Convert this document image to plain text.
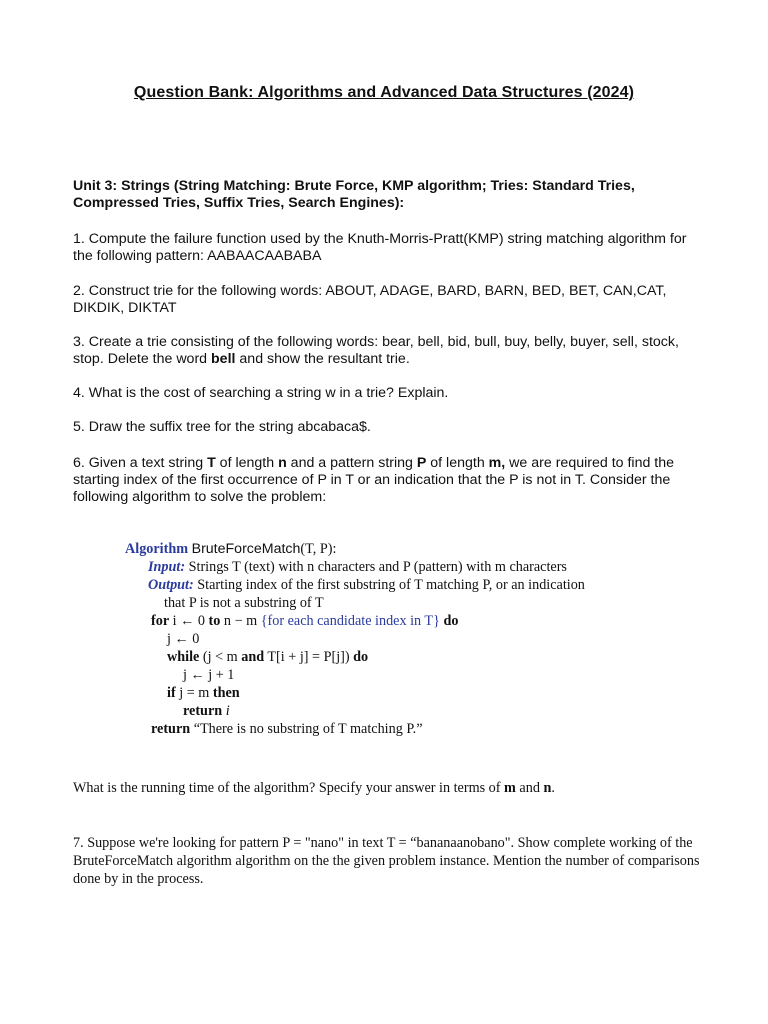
Question Bank: Algorithms and Advanced Data Structures (2024)
Unit 3: Strings (String Matching: Brute Force, KMP algorithm; Tries: Standard Tries, Compressed Tries, Suffix Tries, Search Engines):
1. Compute the failure function used by the Knuth-Morris-Pratt(KMP) string matching algorithm for the following pattern: AABAACAABABA
2. Construct trie for the following words: ABOUT, ADAGE, BARD, BARN, BED, BET, CAN,CAT, DIKDIK, DIKTAT
3. Create a trie consisting of the following words: bear, bell, bid, bull, buy, belly, buyer, sell, stock, stop. Delete the word bell and show the resultant trie.
4. What is the cost of searching a string w in a trie? Explain.
5. Draw the suffix tree for the string abcabaca$.
6. Given a text string T of length n and a pattern string P of length m, we are required to find the starting index of the first occurrence of P in T or an indication that the P is not in T. Consider the following algorithm to solve the problem:
Algorithm BruteForceMatch(T, P):
Input: Strings T (text) with n characters and P (pattern) with m characters
Output: Starting index of the first substring of T matching P, or an indication
that P is not a substring of T
for i ← 0 to n − m {for each candidate index in T} do
j ← 0
while (j < m and T[i + j] = P[j]) do
j ← j + 1
if j = m then
return i
return “There is no substring of T matching P.”
What is the running time of the algorithm? Specify your answer in terms of m and n.
7. Suppose we're looking for pattern P = "nano" in text T = “bananaanobano". Show complete working of the BruteForceMatch algorithm algorithm on the the given problem instance. Mention the number of comparisons done by in the process.
